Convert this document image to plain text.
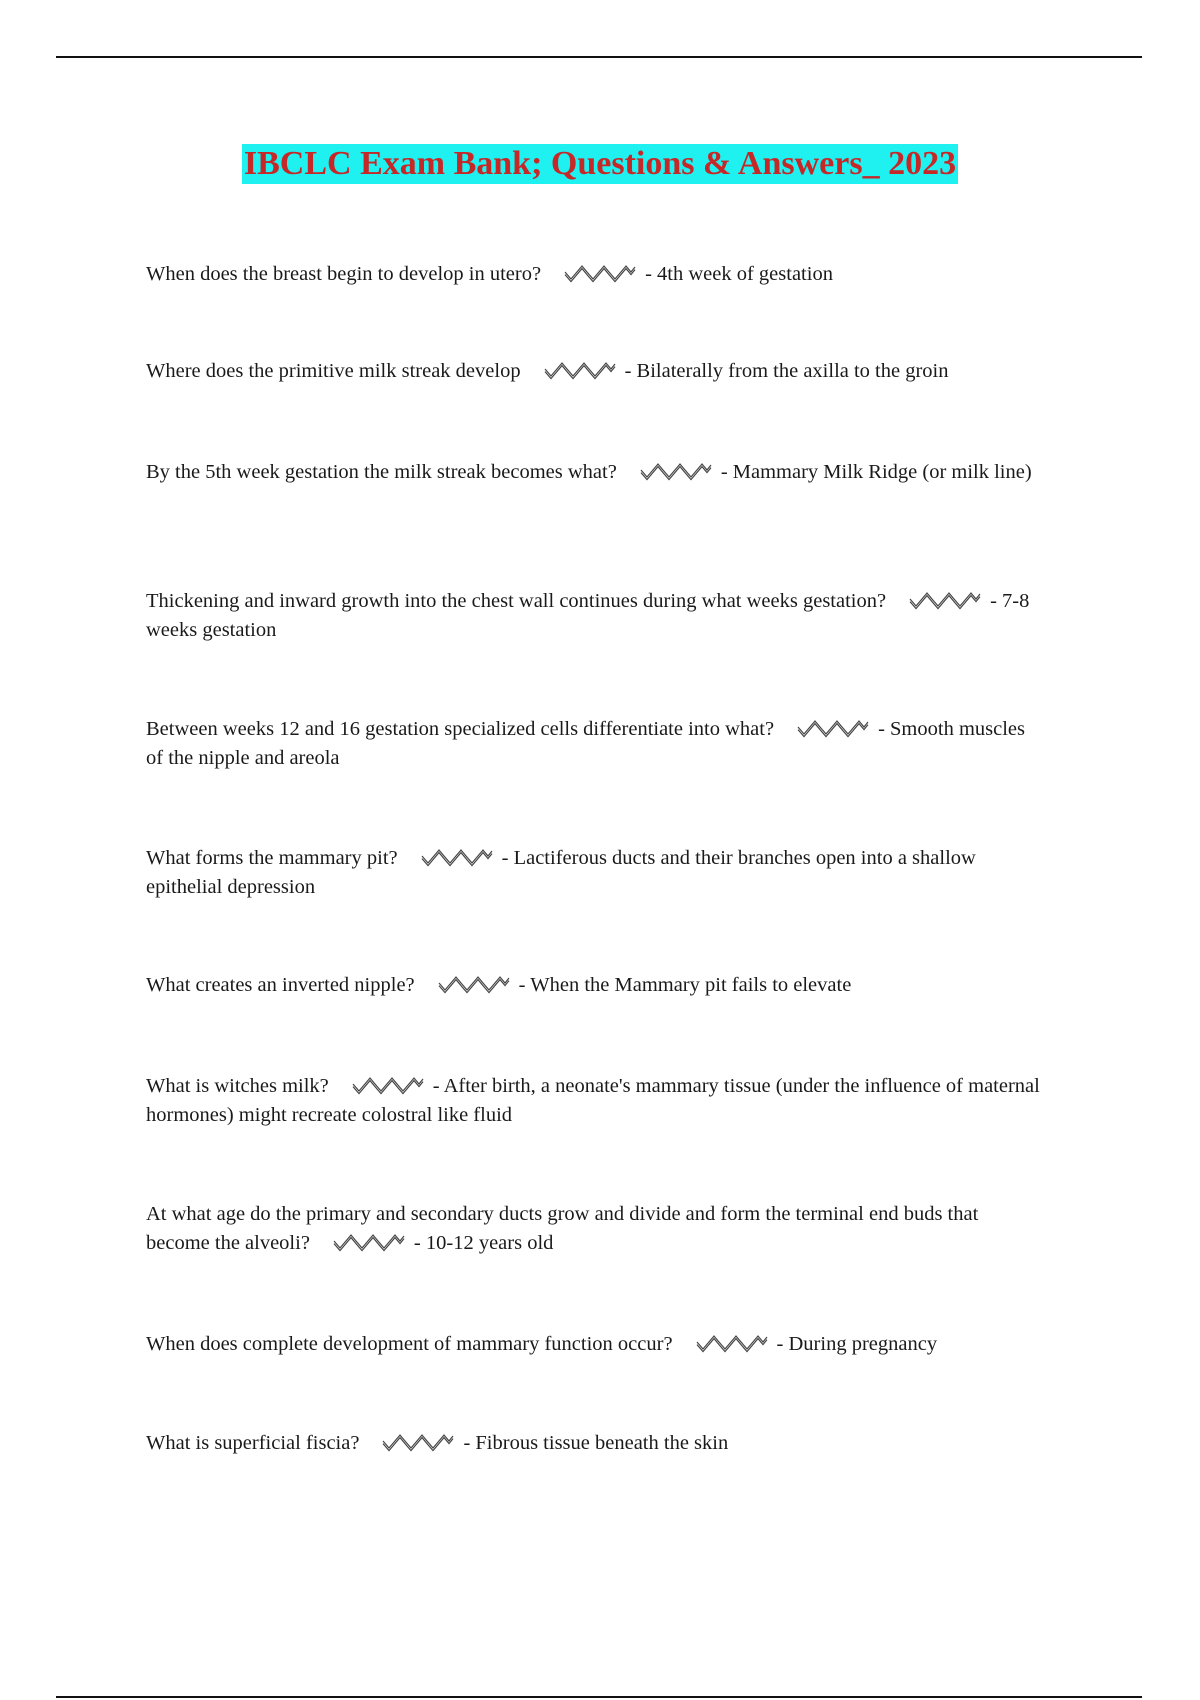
IBCLC Exam Bank; Questions & Answers_ 2023

When does the breast begin to develop in utero?	- 4th week of gestation

Where does the primitive milk streak develop	- Bilaterally from the axilla to the groin

By the 5th week gestation the milk streak becomes what?	- Mammary Milk Ridge (or milk line)

Thickening and inward growth into the chest wall continues during what weeks gestation?	- 7-8 weeks gestation

Between weeks 12 and 16 gestation specialized cells differentiate into what?	- Smooth muscles of the nipple and areola

What forms the mammary pit?	- Lactiferous ducts and their branches open into a shallow epithelial depression

What creates an inverted nipple?	- When the Mammary pit fails to elevate

What is witches milk?	- After birth, a neonate's mammary tissue (under the influence of maternal hormones) might recreate colostral like fluid

At what age do the primary and secondary ducts grow and divide and form the terminal end buds that become the alveoli?	- 10-12 years old

When does complete development of mammary function occur?	- During pregnancy

What is superficial fiscia?	- Fibrous tissue beneath the skin
